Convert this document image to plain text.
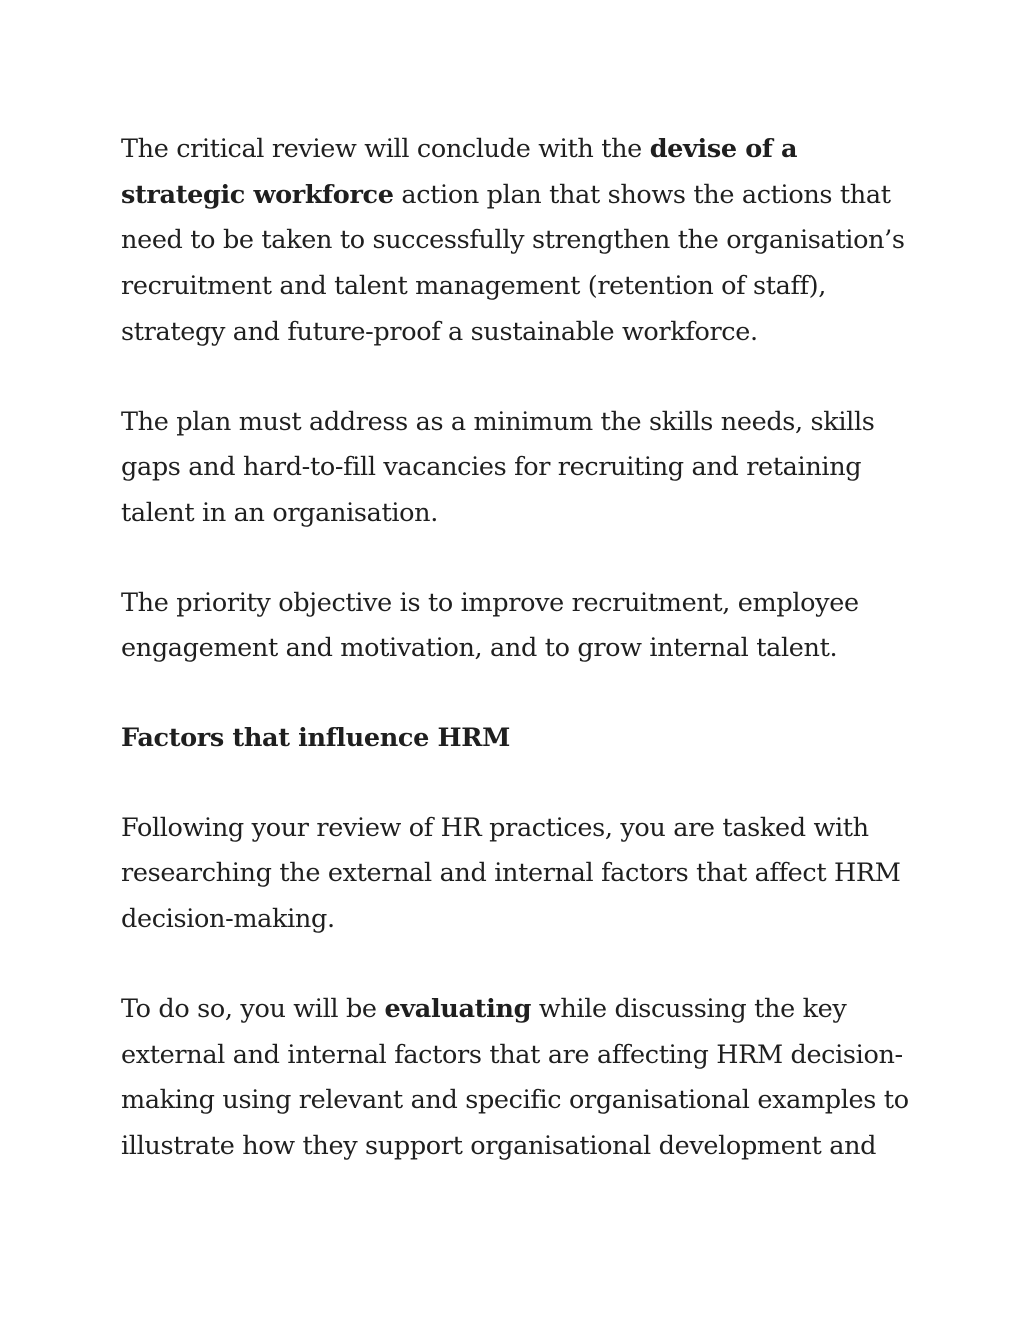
The critical review will conclude with the devise of a
strategic workforce action plan that shows the actions that
need to be taken to successfully strengthen the organisation’s
recruitment and talent management (retention of staff),
strategy and future-proof a sustainable workforce.

The plan must address as a minimum the skills needs, skills
gaps and hard-to-fill vacancies for recruiting and retaining
talent in an organisation.

The priority objective is to improve recruitment, employee
engagement and motivation, and to grow internal talent.

Factors that influence HRM

Following your review of HR practices, you are tasked with
researching the external and internal factors that affect HRM
decision-making.

To do so, you will be evaluating while discussing the key
external and internal factors that are affecting HRM decision-
making using relevant and specific organisational examples to
illustrate how they support organisational development and
